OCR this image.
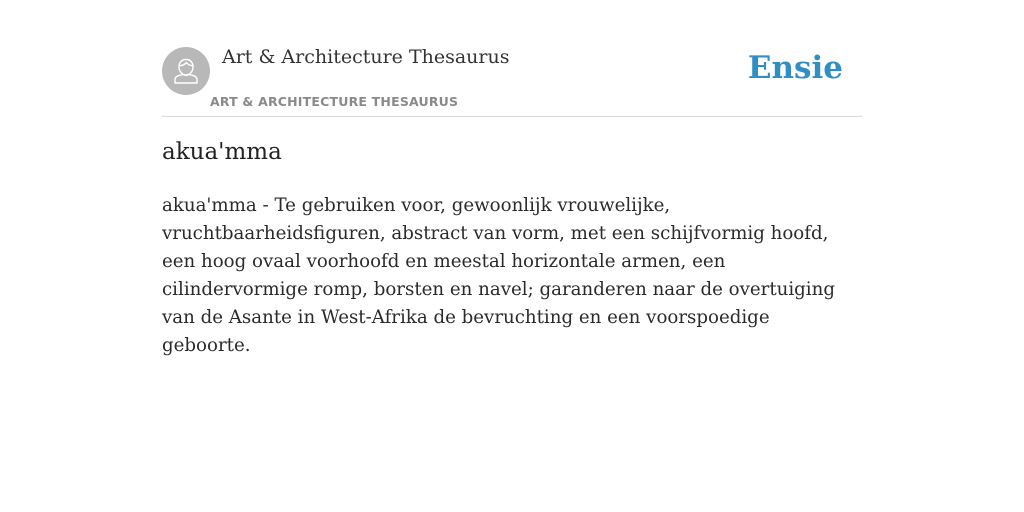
Art & Architecture Thesaurus
ART & ARCHITECTURE THESAURUS
Ensie
akua'mma

akua'mma - Te gebruiken voor, gewoonlijk vrouwelijke, vruchtbaarheidsfiguren, abstract van vorm, met een schijfvormig hoofd, een hoog ovaal voorhoofd en meestal horizontale armen, een cilindervormige romp, borsten en navel; garanderen naar de overtuiging van de Asante in West-Afrika de bevruchting en een voorspoedige geboorte.
